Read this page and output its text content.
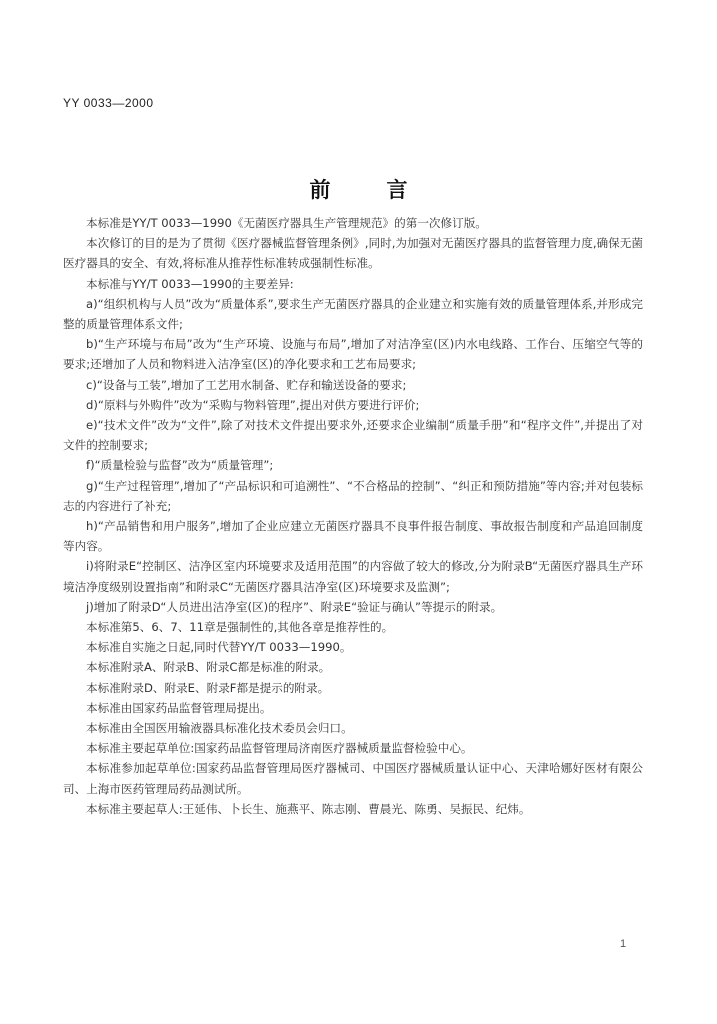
YY 0033—2000
前言

本标准是YY/T 0033—1990《无菌医疗器具生产管理规范》的第一次修订版。

本次修订的目的是为了贯彻《医疗器械监督管理条例》,同时,为加强对无菌医疗器具的监督管理力度,确保无菌医疗器具的安全、有效,将标准从推荐性标准转成强制性标准。

本标准与YY/T 0033—1990的主要差异:

a)“组织机构与人员”改为“质量体系”,要求生产无菌医疗器具的企业建立和实施有效的质量管理体系,并形成完整的质量管理体系文件;

b)“生产环境与布局”改为“生产环境、设施与布局”,增加了对洁净室(区)内水电线路、工作台、压缩空气等的要求;还增加了人员和物料进入洁净室(区)的净化要求和工艺布局要求;

c)“设备与工装”,增加了工艺用水制备、贮存和输送设备的要求;

d)“原料与外购件”改为“采购与物料管理”,提出对供方要进行评价;

e)“技术文件”改为“文件”,除了对技术文件提出要求外,还要求企业编制“质量手册”和“程序文件”,并提出了对文件的控制要求;

f)“质量检验与监督”改为“质量管理”;

g)“生产过程管理”,增加了“产品标识和可追溯性”、“不合格品的控制”、“纠正和预防措施”等内容;并对包装标志的内容进行了补充;

h)“产品销售和用户服务”,增加了企业应建立无菌医疗器具不良事件报告制度、事故报告制度和产品追回制度等内容。

i)将附录E“控制区、洁净区室内环境要求及适用范围”的内容做了较大的修改,分为附录B“无菌医疗器具生产环境洁净度级别设置指南”和附录C“无菌医疗器具洁净室(区)环境要求及监测”;

j)增加了附录D“人员进出洁净室(区)的程序”、附录E“验证与确认”等提示的附录。

本标准第5、6、7、11章是强制性的,其他各章是推荐性的。

本标准自实施之日起,同时代替YY/T 0033—1990。

本标准附录A、附录B、附录C都是标准的附录。

本标准附录D、附录E、附录F都是提示的附录。

本标准由国家药品监督管理局提出。

本标准由全国医用输液器具标准化技术委员会归口。

本标准主要起草单位:国家药品监督管理局济南医疗器械质量监督检验中心。

本标准参加起草单位:国家药品监督管理局医疗器械司、中国医疗器械质量认证中心、天津哈娜好医材有限公司、上海市医药管理局药品测试所。

本标准主要起草人:王延伟、卜长生、施燕平、陈志刚、曹晨光、陈勇、吴振民、纪炜。

1
